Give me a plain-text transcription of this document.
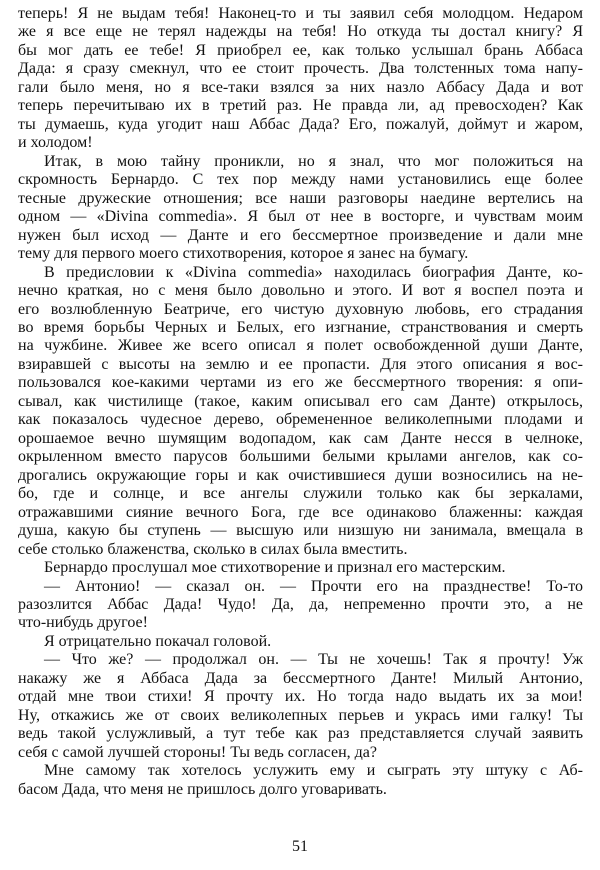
теперь! Я не выдам тебя! Наконец-то и ты заявил себя молодцом. Недаром
же я все еще не терял надежды на тебя! Но откуда ты достал книгу? Я
бы мог дать ее тебе! Я приобрел ее, как только услышал брань Аббаса
Дада: я сразу смекнул, что ее стоит прочесть. Два толстенных тома напу-
гали было меня, но я все-таки взялся за них назло Аббасу Дада и вот
теперь перечитываю их в третий раз. Не правда ли, ад превосходен? Как
ты думаешь, куда угодит наш Аббас Дада? Его, пожалуй, доймут и жаром,
и холодом!
Итак, в мою тайну проникли, но я знал, что мог положиться на
скромность Бернардо. С тех пор между нами установились еще более
тесные дружеские отношения; все наши разговоры наедине вертелись на
одном — «Divina commedia». Я был от нее в восторге, и чувствам моим
нужен был исход — Данте и его бессмертное произведение и дали мне
тему для первого моего стихотворения, которое я занес на бумагу.
В предисловии к «Divina commedia» находилась биография Данте, ко-
нечно краткая, но с меня было довольно и этого. И вот я воспел поэта и
его возлюбленную Беатриче, его чистую духовную любовь, его страдания
во время борьбы Черных и Белых, его изгнание, странствования и смерть
на чужбине. Живее же всего описал я полет освобожденной души Данте,
взиравшей с высоты на землю и ее пропасти. Для этого описания я вос-
пользовался кое-какими чертами из его же бессмертного творения: я опи-
сывал, как чистилище (такое, каким описывал его сам Данте) открылось,
как показалось чудесное дерево, обремененное великолепными плодами и
орошаемое вечно шумящим водопадом, как сам Данте несся в челноке,
окрыленном вместо парусов большими белыми крылами ангелов, как со-
дрогались окружающие горы и как очистившиеся души возносились на не-
бо, где и солнце, и все ангелы служили только как бы зеркалами,
отражавшими сияние вечного Бога, где все одинаково блаженны: каждая
душа, какую бы ступень — высшую или низшую ни занимала, вмещала в
себе столько блаженства, сколько в силах была вместить.
Бернардо прослушал мое стихотворение и признал его мастерским.
— Антонио! — сказал он. — Прочти его на празднестве! То-то
разозлится Аббас Дада! Чудо! Да, да, непременно прочти это, а не
что-нибудь другое!
Я отрицательно покачал головой.
— Что же? — продолжал он. — Ты не хочешь! Так я прочту! Уж
накажу же я Аббаса Дада за бессмертного Данте! Милый Антонио,
отдай мне твои стихи! Я прочту их. Но тогда надо выдать их за мои!
Ну, откажись же от своих великолепных перьев и укрась ими галку! Ты
ведь такой услужливый, а тут тебе как раз представляется случай заявить
себя с самой лучшей стороны! Ты ведь согласен, да?
Мне самому так хотелось услужить ему и сыграть эту штуку с Аб-
басом Дада, что меня не пришлось долго уговаривать.
51
